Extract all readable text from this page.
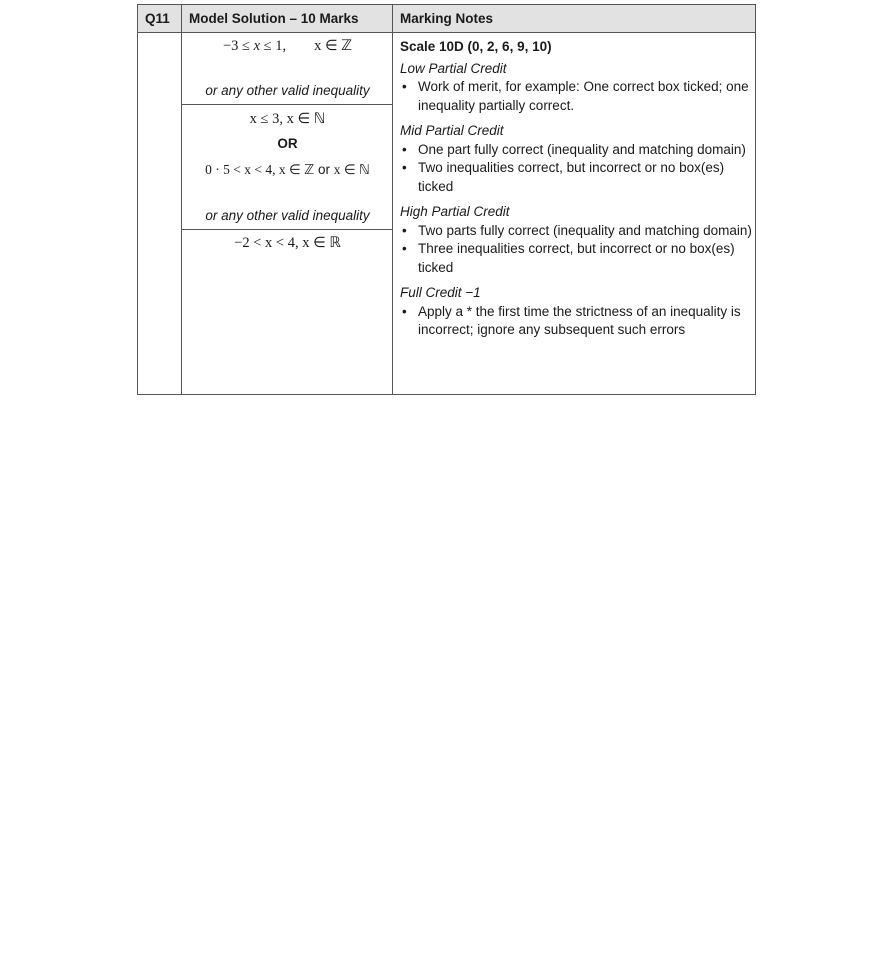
Q11 Model Solution – 10 Marks	Marking Notes
−3 ≤ x ≤ 1, x ∈ ℤ
or any other valid inequality
x ≤ 3, x ∈ ℕ
OR
0 · 5 < x < 4, x ∈ ℤ or x ∈ ℕ
or any other valid inequality
−2 < x < 4, x ∈ ℝ
Scale 10D (0, 2, 6, 9, 10)
Low Partial Credit
• Work of merit, for example: One correct box ticked; one inequality partially correct.
Mid Partial Credit
• One part fully correct (inequality and matching domain)
• Two inequalities correct, but incorrect or no box(es) ticked
High Partial Credit
• Two parts fully correct (inequality and matching domain)
• Three inequalities correct, but incorrect or no box(es) ticked
Full Credit −1
• Apply a * the first time the strictness of an inequality is incorrect; ignore any subsequent such errors
